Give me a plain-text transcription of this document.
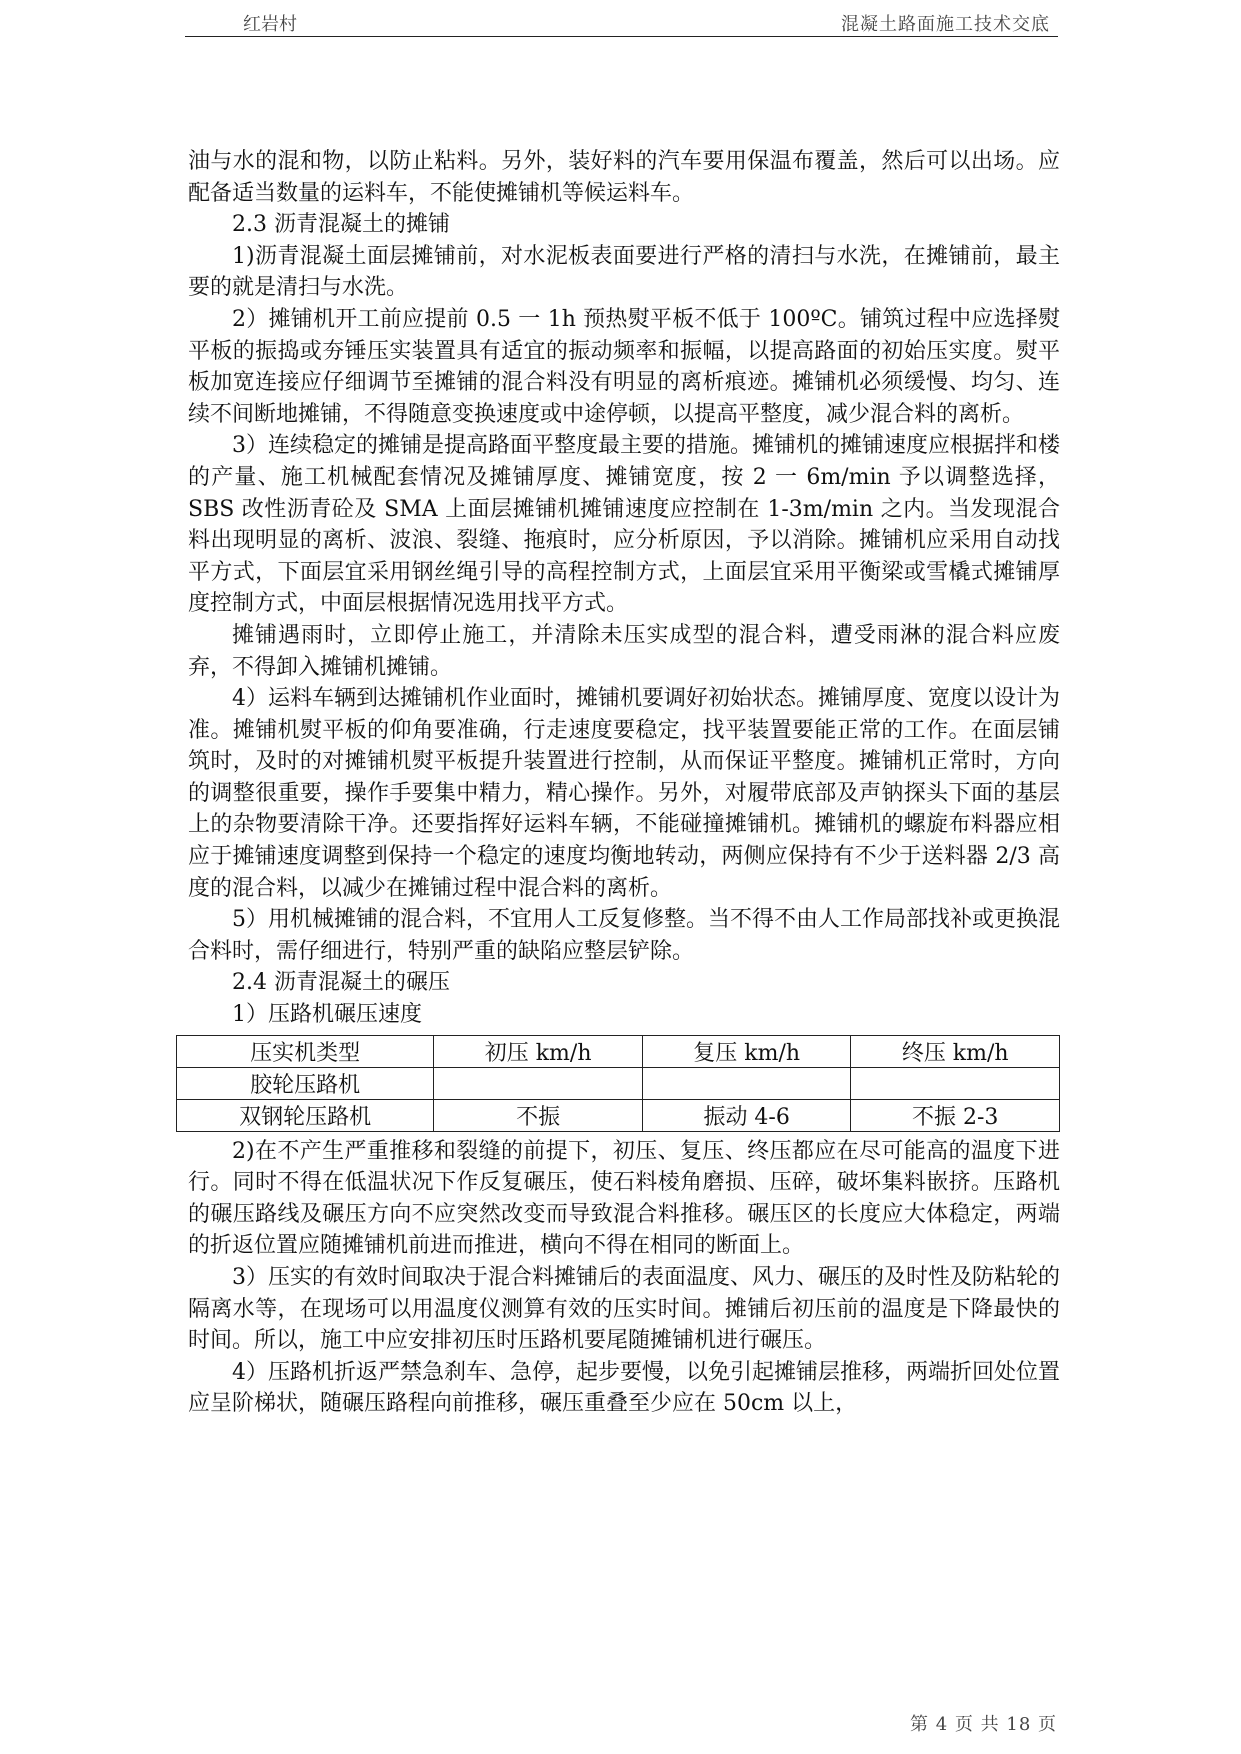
红岩村	混凝土路面施工技术交底

油与水的混和物，以防止粘料。另外，装好料的汽车要用保温布覆盖，然后可以出场。应配备适当数量的运料车，不能使摊铺机等候运料车。

2.3 沥青混凝土的摊铺

1)沥青混凝土面层摊铺前，对水泥板表面要进行严格的清扫与水洗，在摊铺前，最主要的就是清扫与水洗。

2）摊铺机开工前应提前 0.5 一 1h 预热熨平板不低于 100ºC。铺筑过程中应选择熨平板的振捣或夯锤压实装置具有适宜的振动频率和振幅，以提高路面的初始压实度。熨平板加宽连接应仔细调节至摊铺的混合料没有明显的离析痕迹。摊铺机必须缓慢、均匀、连续不间断地摊铺，不得随意变换速度或中途停顿，以提高平整度，减少混合料的离析。

3）连续稳定的摊铺是提高路面平整度最主要的措施。摊铺机的摊铺速度应根据拌和楼的产量、施工机械配套情况及摊铺厚度、摊铺宽度，按 2 一 6m/min 予以调整选择，SBS 改性沥青砼及 SMA 上面层摊铺机摊铺速度应控制在 1-3m/min 之内。当发现混合料出现明显的离析、波浪、裂缝、拖痕时，应分析原因，予以消除。摊铺机应采用自动找平方式，下面层宜采用钢丝绳引导的高程控制方式，上面层宜采用平衡梁或雪橇式摊铺厚度控制方式，中面层根据情况选用找平方式。

摊铺遇雨时，立即停止施工，并清除未压实成型的混合料，遭受雨淋的混合料应废弃，不得卸入摊铺机摊铺。

4）运料车辆到达摊铺机作业面时，摊铺机要调好初始状态。摊铺厚度、宽度以设计为准。摊铺机熨平板的仰角要准确，行走速度要稳定，找平装置要能正常的工作。在面层铺筑时，及时的对摊铺机熨平板提升装置进行控制，从而保证平整度。摊铺机正常时，方向的调整很重要，操作手要集中精力，精心操作。另外，对履带底部及声钠探头下面的基层上的杂物要清除干净。还要指挥好运料车辆，不能碰撞摊铺机。摊铺机的螺旋布料器应相应于摊铺速度调整到保持一个稳定的速度均衡地转动，两侧应保持有不少于送料器 2/3 高度的混合料，以减少在摊铺过程中混合料的离析。

5）用机械摊铺的混合料，不宜用人工反复修整。当不得不由人工作局部找补或更换混合料时，需仔细进行，特别严重的缺陷应整层铲除。

2.4 沥青混凝土的碾压

1）压路机碾压速度

压实机类型	初压 km/h	复压 km/h	终压 km/h
胶轮压路机			
双钢轮压路机	不振	振动 4-6	不振 2-3

2)在不产生严重推移和裂缝的前提下，初压、复压、终压都应在尽可能高的温度下进行。同时不得在低温状况下作反复碾压，使石料棱角磨损、压碎，破坏集料嵌挤。压路机的碾压路线及碾压方向不应突然改变而导致混合料推移。碾压区的长度应大体稳定，两端的折返位置应随摊铺机前进而推进，横向不得在相同的断面上。

3）压实的有效时间取决于混合料摊铺后的表面温度、风力、碾压的及时性及防粘轮的隔离水等，在现场可以用温度仪测算有效的压实时间。摊铺后初压前的温度是下降最快的时间。所以，施工中应安排初压时压路机要尾随摊铺机进行碾压。

4）压路机折返严禁急刹车、急停，起步要慢，以免引起摊铺层推移，两端折回处位置应呈阶梯状，随碾压路程向前推移，碾压重叠至少应在 50cm 以上，

第 4 页 共 18 页
